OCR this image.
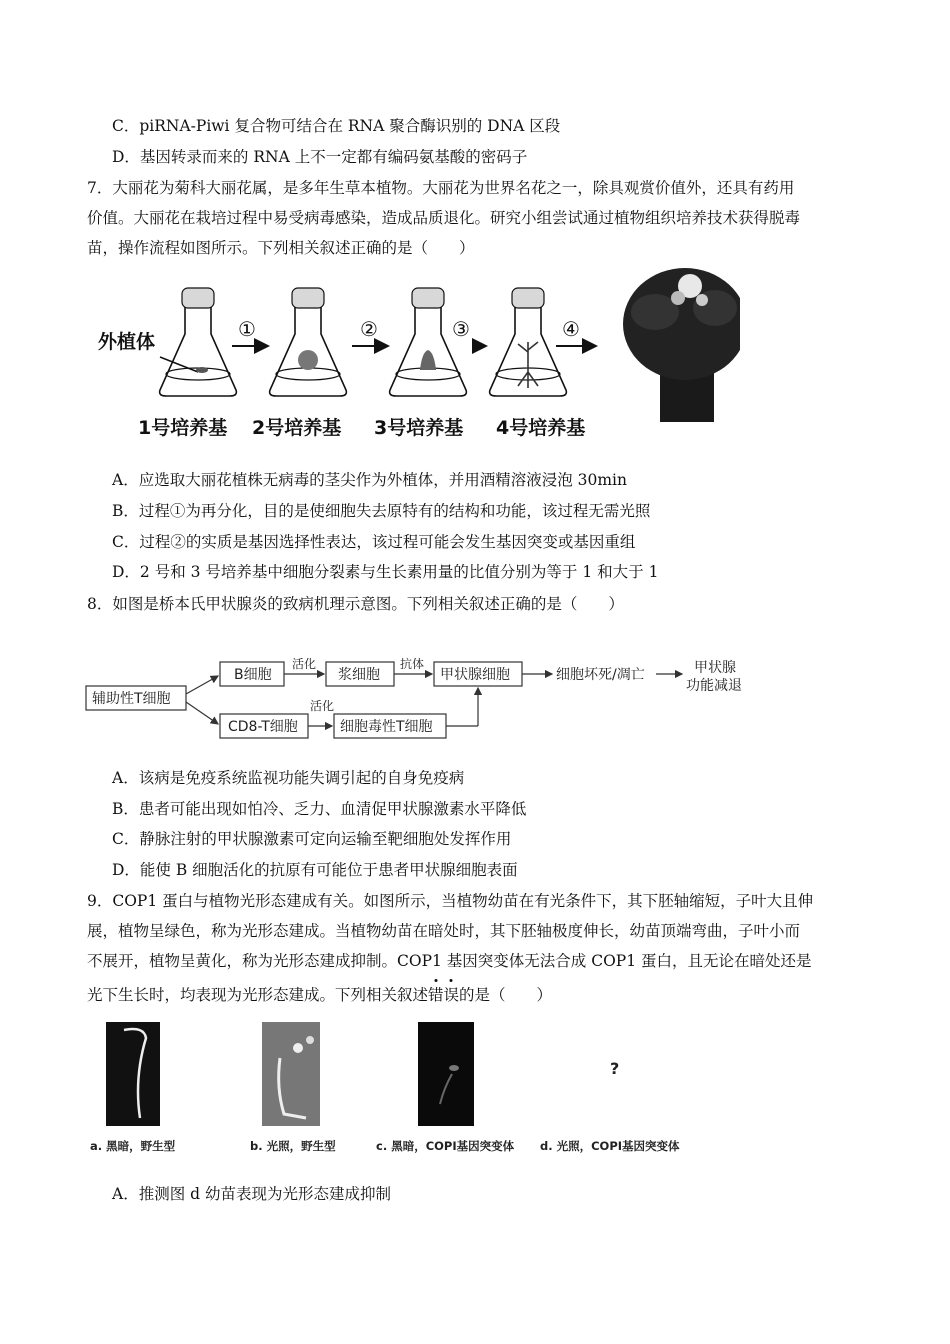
C．piRNA-Piwi 复合物可结合在 RNA 聚合酶识别的 DNA 区段
D．基因转录而来的 RNA 上不一定都有编码氨基酸的密码子
7．大丽花为菊科大丽花属，是多年生草本植物。大丽花为世界名花之一，除具观赏价值外，还具有药用
价值。大丽花在栽培过程中易受病毒感染，造成品质退化。研究小组尝试通过植物组织培养技术获得脱毒
苗，操作流程如图所示。下列相关叙述正确的是（　　）
外植体
1号培养基
①
2号培养基
②
3号培养基
③
4号培养基
④
A．应选取大丽花植株无病毒的茎尖作为外植体，并用酒精溶液浸泡 30min
B．过程①为再分化，目的是使细胞失去原特有的结构和功能，该过程无需光照
C．过程②的实质是基因选择性表达，该过程可能会发生基因突变或基因重组
D．2 号和 3 号培养基中细胞分裂素与生长素用量的比值分别为等于 1 和大于 1
8．如图是桥本氏甲状腺炎的致病机理示意图。下列相关叙述正确的是（　　）
辅助性T细胞
B细胞
活化
浆细胞
抗体
甲状腺细胞	细胞坏死/凋亡	甲状腺
功能减退
CD8-T细胞
活化
细胞毒性T细胞
A．该病是免疫系统监视功能失调引起的自身免疫病
B．患者可能出现如怕冷、乏力、血清促甲状腺激素水平降低
C．静脉注射的甲状腺激素可定向运输至靶细胞处发挥作用
D．能使 B 细胞活化的抗原有可能位于患者甲状腺细胞表面
9．COP1 蛋白与植物光形态建成有关。如图所示，当植物幼苗在有光条件下，其下胚轴缩短，子叶大且伸
展，植物呈绿色，称为光形态建成。当植物幼苗在暗处时，其下胚轴极度伸长，幼苗顶端弯曲，子叶小而
不展开，植物呈黄化，称为光形态建成抑制。COP1 基因突变体无法合成 COP1 蛋白，且无论在暗处还是
光下生长时，均表现为光形态建成。下列相关叙述
错
误的是（　　）
a. 黑暗，野生型	b. 光照，野生型	c. 黑暗，COPI基因突变体
?
d. 光照，COPI基因突变体
A．推测图 d 幼苗表现为光形态建成抑制
